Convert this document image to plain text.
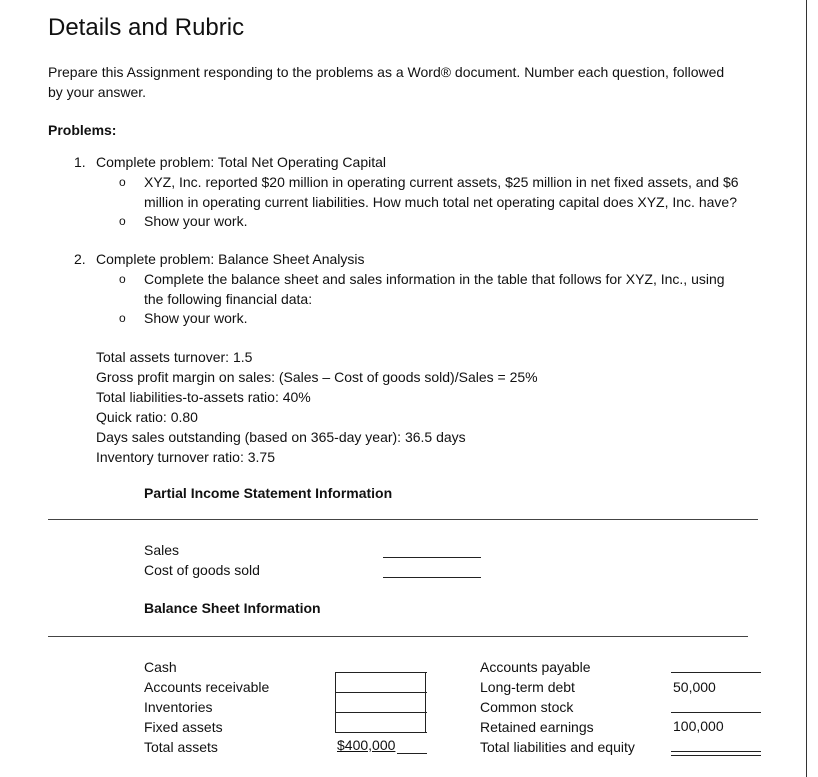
Details and Rubric
Prepare this Assignment responding to the problems as a Word® document. Number each question, followed
by your answer.
Problems:
1. Complete problem: Total Net Operating Capital
o XYZ, Inc. reported $20 million in operating current assets, $25 million in net fixed assets, and $6
million in operating current liabilities. How much total net operating capital does XYZ, Inc. have?
o Show your work.
2. Complete problem: Balance Sheet Analysis
o Complete the balance sheet and sales information in the table that follows for XYZ, Inc., using
the following financial data:
o Show your work.
Total assets turnover: 1.5
Gross profit margin on sales: (Sales – Cost of goods sold)/Sales = 25%
Total liabilities-to-assets ratio: 40%
Quick ratio: 0.80
Days sales outstanding (based on 365-day year): 36.5 days
Inventory turnover ratio: 3.75
Partial Income Statement Information
Sales
Cost of goods sold
Balance Sheet Information
Cash
Accounts receivable
Inventories
Fixed assets
Total assets	$400,000
Accounts payable
Long-term debt
Common stock
Retained earnings
Total liabilities and equity
50,000
100,000
